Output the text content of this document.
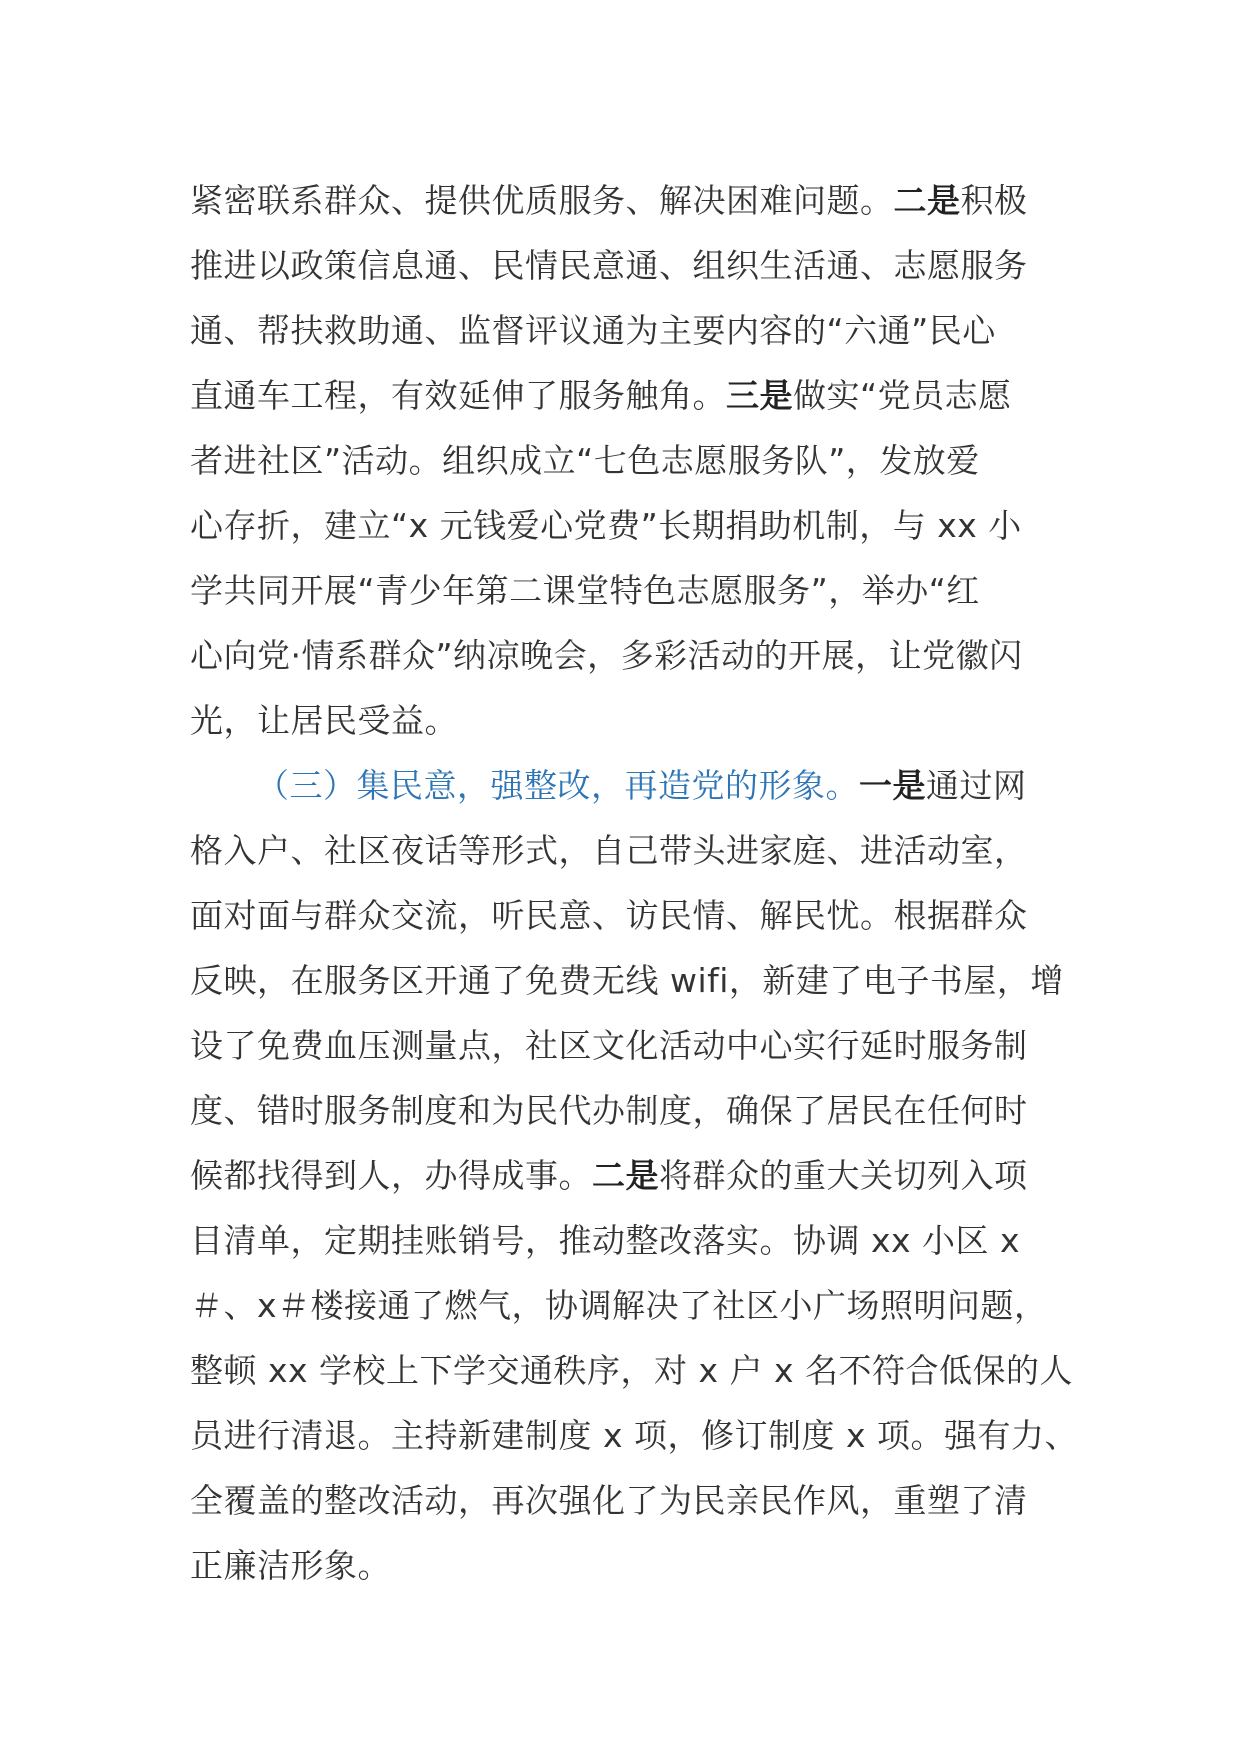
紧密联系群众、提供优质服务、解决困难问题。二是积极
推进以政策信息通、民情民意通、组织生活通、志愿服务
通、帮扶救助通、监督评议通为主要内容的“六通”民心
直通车工程，有效延伸了服务触角。三是做实“党员志愿
者进社区”活动。组织成立“七色志愿服务队”，发放爱
心存折，建立“x 元钱爱心党费”长期捐助机制，与 xx 小
学共同开展“青少年第二课堂特色志愿服务”，举办“红
心向党·情系群众”纳凉晚会，多彩活动的开展，让党徽闪
光，让居民受益。
（三）集民意，强整改，再造党的形象。一是通过网
格入户、社区夜话等形式，自己带头进家庭、进活动室，
面对面与群众交流，听民意、访民情、解民忧。根据群众
反映，在服务区开通了免费无线 wifi，新建了电子书屋，增
设了免费血压测量点，社区文化活动中心实行延时服务制
度、错时服务制度和为民代办制度，确保了居民在任何时
候都找得到人，办得成事。二是将群众的重大关切列入项
目清单，定期挂账销号，推动整改落实。协调 xx 小区 x
＃、x＃楼接通了燃气，协调解决了社区小广场照明问题，
整顿 xx 学校上下学交通秩序，对 x 户 x 名不符合低保的人
员进行清退。主持新建制度 x 项，修订制度 x 项。强有力、
全覆盖的整改活动，再次强化了为民亲民作风，重塑了清
正廉洁形象。
